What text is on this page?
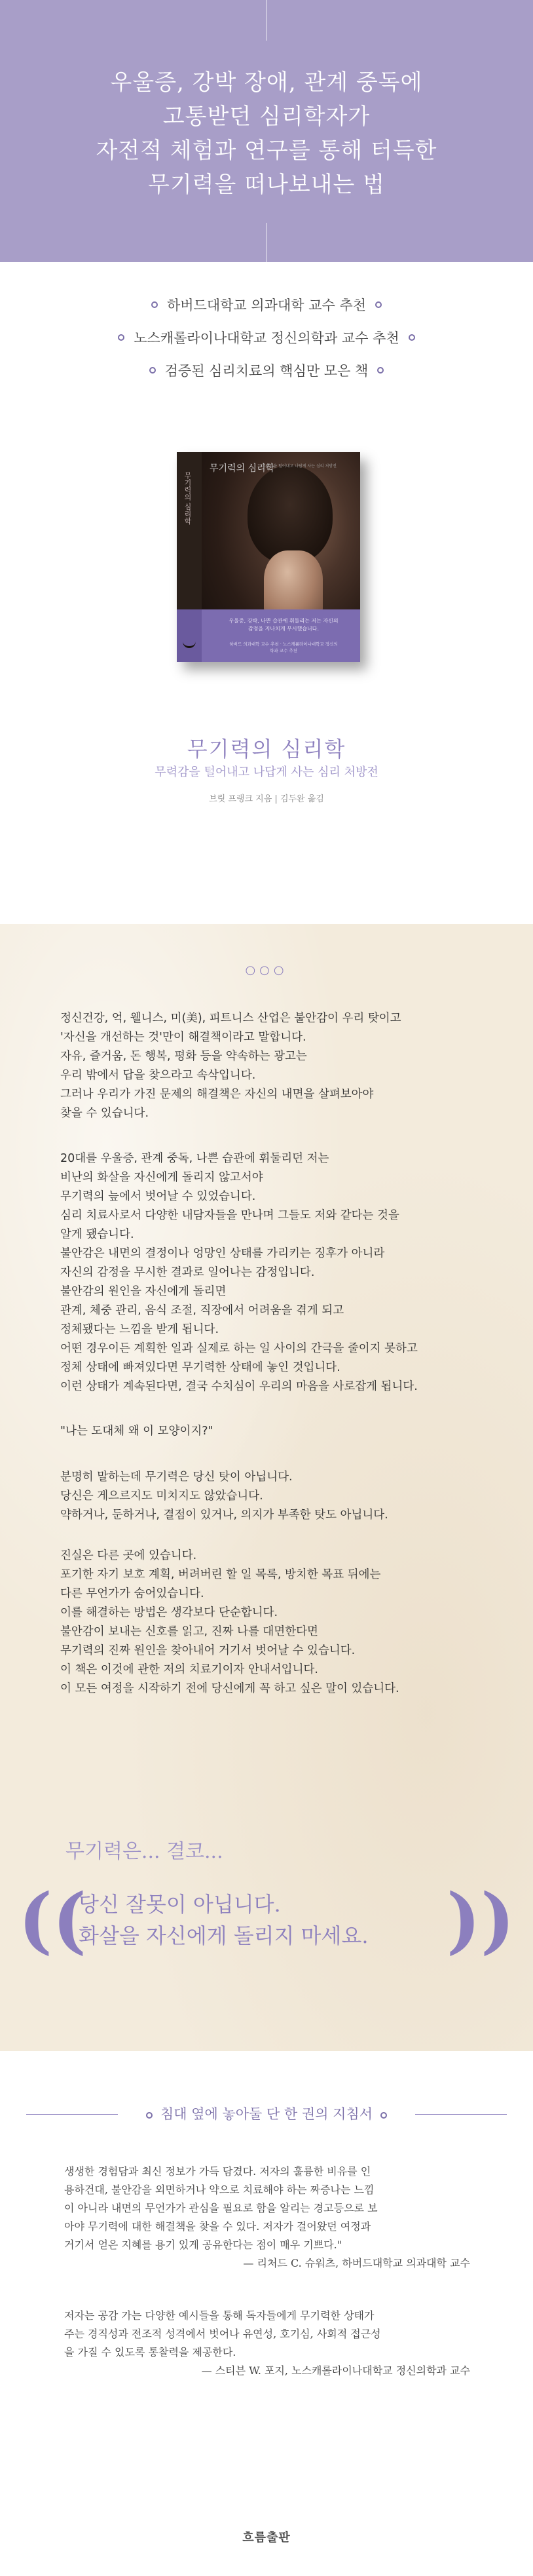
우울증, 강박 장애, 관계 중독에
고통받던 심리학자가
자전적 체험과 연구를 통해 터득한
무기력을 떠나보내는 법
하버드대학교 의과대학 교수 추천
노스캐롤라이나대학교 정신의학과 교수 추천
검증된 심리치료의 핵심만 모은 책
무기력의 심리학
무기력의 심리학
무력감을 털어내고 나답게 사는 심리 처방전
우울증, 강박, 나쁜 습관에 휘둘리는 저는 자신의 감정을 지나치게 무시했습니다.
하버드 의과대학 교수 추천 · 노스캐롤라이나대학교 정신의학과 교수 추천
무기력의 심리학
무력감을 털어내고 나답게 사는 심리 처방전
브릿 프랭크 지음 | 김두완 옮김
○○○
정신건강, 억, 웰니스, 미(美), 피트니스 산업은 불안감이 우리 탓이고
'자신을 개선하는 것'만이 해결책이라고 말합니다.
자유, 즐거움, 돈 행복, 평화 등을 약속하는 광고는
우리 밖에서 답을 찾으라고 속삭입니다.
그러나 우리가 가진 문제의 해결책은 자신의 내면을 살펴보아야
찾을 수 있습니다.
20대를 우울증, 관계 중독, 나쁜 습관에 휘둘리던 저는
비난의 화살을 자신에게 돌리지 않고서야
무기력의 늪에서 벗어날 수 있었습니다.
심리 치료사로서 다양한 내담자들을 만나며 그들도 저와 같다는 것을
알게 됐습니다.
불안감은 내면의 결정이나 엉망인 상태를 가리키는 징후가 아니라
자신의 감정을 무시한 결과로 일어나는 감정입니다.
불안감의 원인을 자신에게 돌리면
관계, 체중 관리, 음식 조절, 직장에서 어려움을 겪게 되고
정체됐다는 느낌을 받게 됩니다.
어떤 경우이든 계획한 일과 실제로 하는 일 사이의 간극을 줄이지 못하고
정체 상태에 빠져있다면 무기력한 상태에 놓인 것입니다.
이런 상태가 계속된다면, 결국 수치심이 우리의 마음을 사로잡게 됩니다.
"나는 도대체 왜 이 모양이지?"
분명히 말하는데 무기력은 당신 탓이 아닙니다.
당신은 게으르지도 미치지도 않았습니다.
약하거나, 둔하거나, 결점이 있거나, 의지가 부족한 탓도 아닙니다.
진실은 다른 곳에 있습니다.
포기한 자기 보호 계획, 버려버린 할 일 목록, 방치한 목표 뒤에는
다른 무언가가 숨어있습니다.
이를 해결하는 방법은 생각보다 단순합니다.
불안감이 보내는 신호를 읽고, 진짜 나를 대면한다면
무기력의 진짜 원인을 찾아내어 거기서 벗어날 수 있습니다.
이 책은 이것에 관한 저의 치료기이자 안내서입니다.
이 모든 여정을 시작하기 전에 당신에게 꼭 하고 싶은 말이 있습니다.
무기력은... 결코...
((
당신 잘못이 아닙니다.
화살을 자신에게 돌리지 마세요.	))
침대 옆에 놓아둘 단 한 권의 지침서
생생한 경험담과 최신 정보가 가득 담겼다. 저자의 훌륭한 비유를 인
용하건대, 불안감을 외면하거나 약으로 치료해야 하는 짜증나는 느낌
이 아니라 내면의 무언가가 관심을 필요로 함을 알리는 경고등으로 보
아야 무기력에 대한 해결책을 찾을 수 있다. 저자가 걸어왔던 여정과
거기서 얻은 지혜를 용기 있게 공유한다는 점이 매우 기쁘다."
— 리처드 C. 슈워츠, 하버드대학교 의과대학 교수
저자는 공감 가는 다양한 예시들을 통해 독자들에게 무기력한 상태가
주는 경직성과 전조적 성격에서 벗어나 유연성, 호기심, 사회적 접근성
을 가질 수 있도록 통찰력을 제공한다.
— 스티븐 W. 포지, 노스캐롤라이나대학교 정신의학과 교수
흐름출판
